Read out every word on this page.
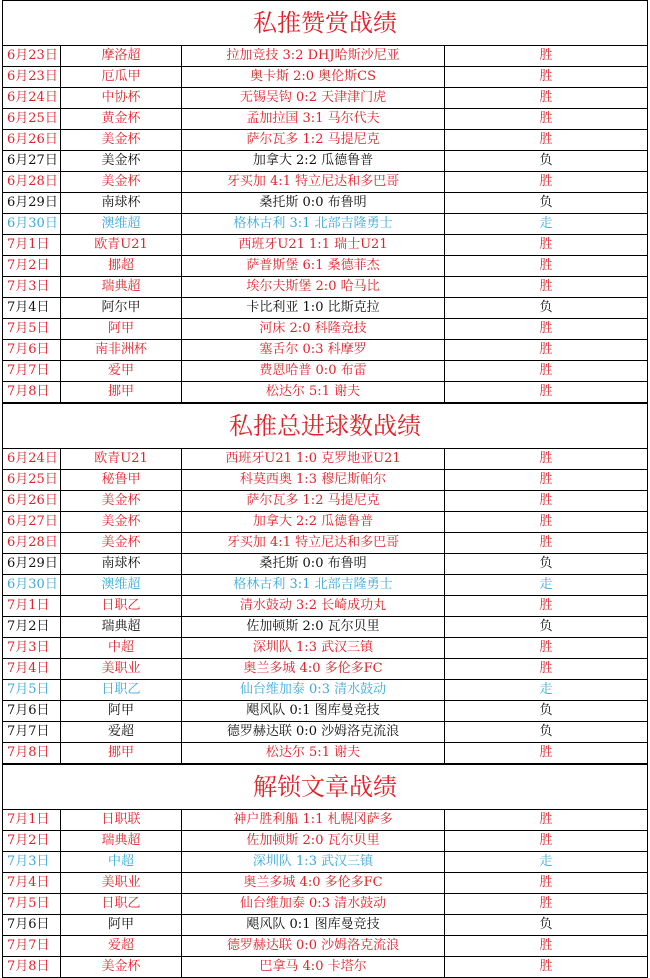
私推赞赏战绩
6月23日	摩洛超	拉加竞技 3:2 DHJ哈斯沙尼亚	胜
6月23日	厄瓜甲	奥卡斯 2:0 奥伦斯CS	胜
6月24日	中协杯	无锡吴钩 0:2 天津津门虎	胜
6月25日	黄金杯	孟加拉国 3:1 马尔代夫	胜
6月26日	美金杯	萨尔瓦多 1:2 马提尼克	胜
6月27日	美金杯	加拿大 2:2 瓜德鲁普	负
6月28日	美金杯	牙买加 4:1 特立尼达和多巴哥	胜
6月29日	南球杯	桑托斯 0:0 布鲁明	负
6月30日	澳维超	格林古利 3:1 北部吉隆勇士	走
7月1日	欧青U21	西班牙U21 1:1 瑞士U21	胜
7月2日	挪超	萨普斯堡 6:1 桑德菲杰	胜
7月3日	瑞典超	埃尔夫斯堡 2:0 哈马比	胜
7月4日	阿尔甲	卡比利亚 1:0 比斯克拉	负
7月5日	阿甲	河床 2:0 科隆竞技	胜
7月6日	南非洲杯	塞舌尔 0:3 科摩罗	胜
7月7日	爱甲	费恩哈普 0:0 布雷	胜
7月8日	挪甲	松达尔 5:1 谢夫	胜
私推总进球数战绩
6月24日	欧青U21	西班牙U21 1:0 克罗地亚U21	胜
6月25日	秘鲁甲	科莫西奥 1:3 穆尼斯帕尔	胜
6月26日	美金杯	萨尔瓦多 1:2 马提尼克	胜
6月27日	美金杯	加拿大 2:2 瓜德鲁普	胜
6月28日	美金杯	牙买加 4:1 特立尼达和多巴哥	胜
6月29日	南球杯	桑托斯 0:0 布鲁明	负
6月30日	澳维超	格林古利 3:1 北部吉隆勇士	走
7月1日	日职乙	清水鼓动 3:2 长崎成功丸	胜
7月2日	瑞典超	佐加顿斯 2:0 瓦尔贝里	负
7月3日	中超	深圳队 1:3 武汉三镇	胜
7月4日	美职业	奥兰多城 4:0 多伦多FC	胜
7月5日	日职乙	仙台维加泰 0:3 清水鼓动	走
7月6日	阿甲	飓风队 0:1 图库曼竞技	负
7月7日	爱超	德罗赫达联 0:0 沙姆洛克流浪	负
7月8日	挪甲	松达尔 5:1 谢夫	胜
解锁文章战绩
7月1日	日职联	神户胜利船 1:1 札幌冈萨多	胜
7月2日	瑞典超	佐加顿斯 2:0 瓦尔贝里	胜
7月3日	中超	深圳队 1:3 武汉三镇	走
7月4日	美职业	奥兰多城 4:0 多伦多FC	胜
7月5日	日职乙	仙台维加泰 0:3 清水鼓动	胜
7月6日	阿甲	飓风队 0:1 图库曼竞技	负
7月7日	爱超	德罗赫达联 0:0 沙姆洛克流浪	胜
7月8日	美金杯	巴拿马 4:0 卡塔尔	胜
